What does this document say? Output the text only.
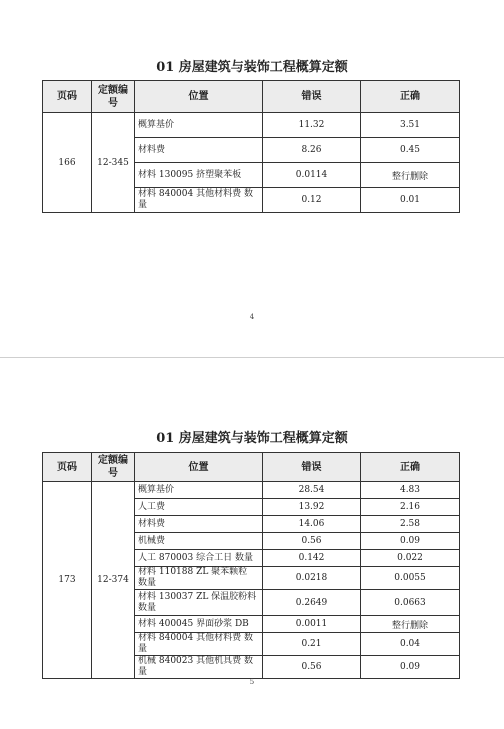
01 房屋建筑与装饰工程概算定额
页码	定额编号	位置	错误	正确
166	12-345	概算基价	11.32	3.51
		材料费	8.26	0.45
		材料 130095 挤塑聚苯板	0.0114	整行删除
		材料 840004 其他材料费 数量	0.12	0.01
4
01 房屋建筑与装饰工程概算定额
页码	定额编号	位置	错误	正确
173	12-374	概算基价	28.54	4.83
		人工费	13.92	2.16
		材料费	14.06	2.58
		机械费	0.56	0.09
		人工 870003 综合工日 数量	0.142	0.022
		材料 110188 ZL 聚苯颗粒 数量	0.0218	0.0055
		材料 130037 ZL 保温胶粉料 数量	0.2649	0.0663
		材料 400045 界面砂浆 DB	0.0011	整行删除
		材料 840004 其他材料费 数量	0.21	0.04
		机械 840023 其他机具费 数量	0.56	0.09
5
